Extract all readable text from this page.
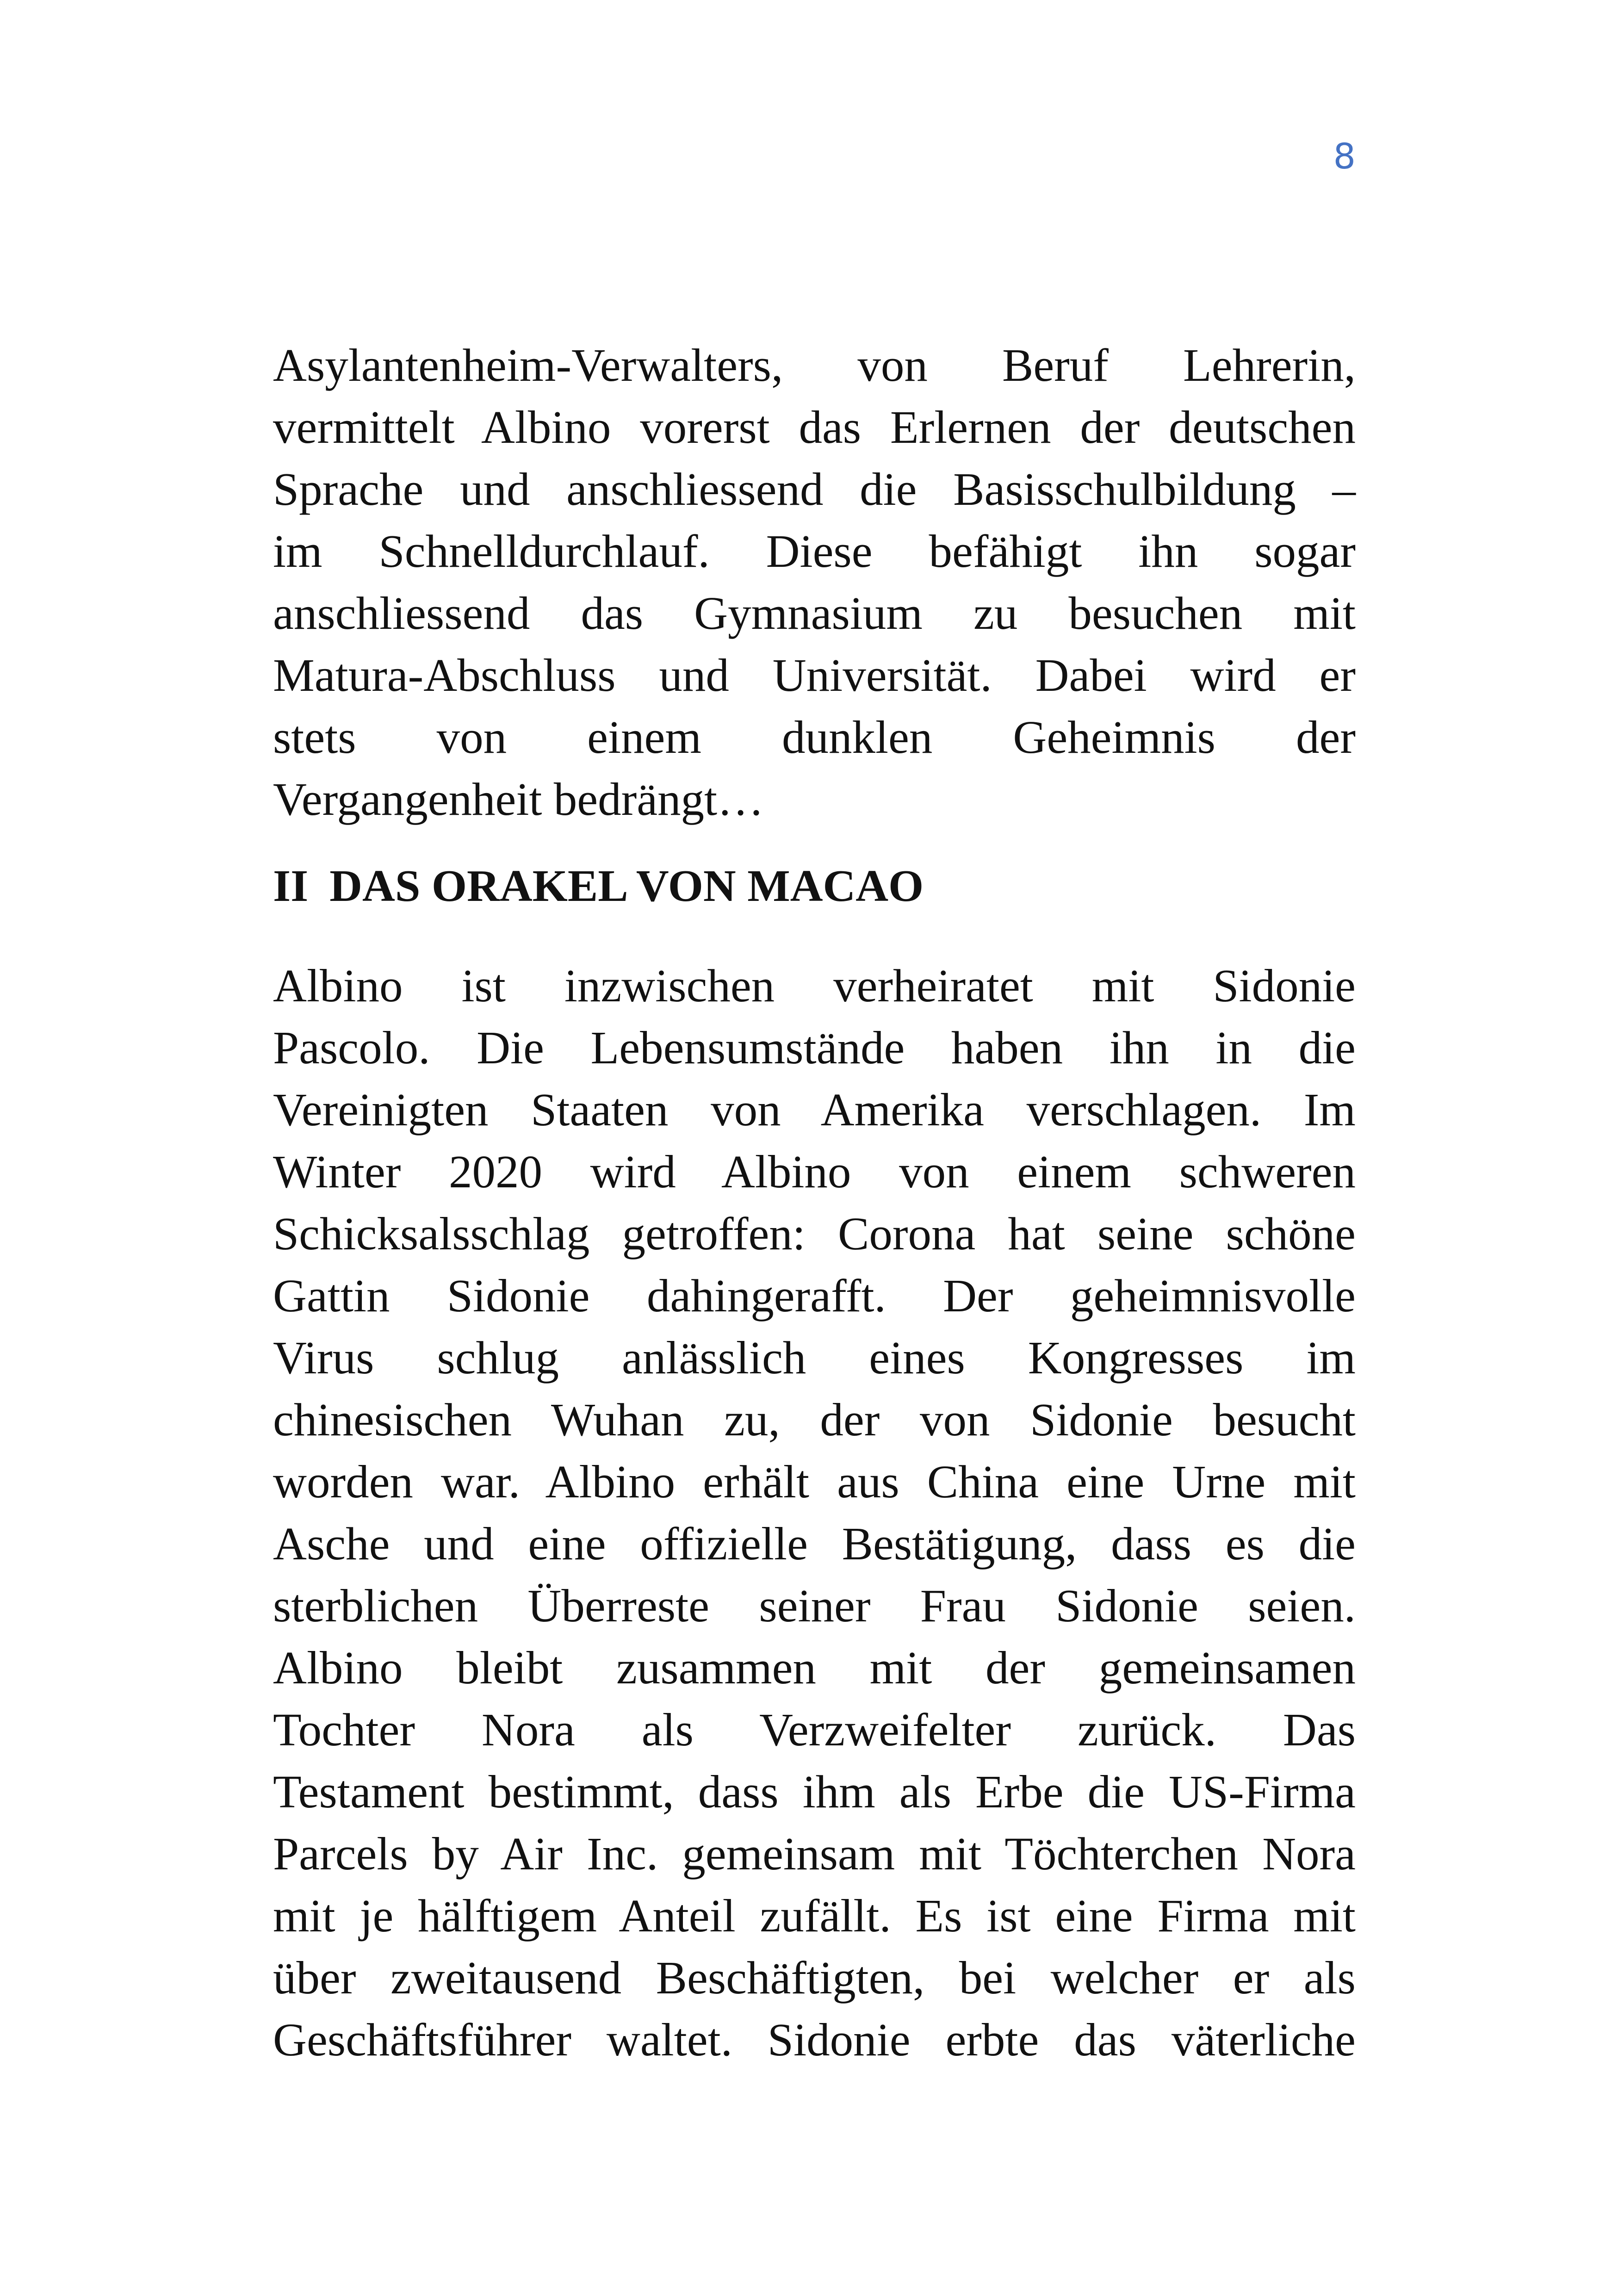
8
Asylantenheim-Verwalters, von Beruf Lehrerin,
vermittelt Albino vorerst das Erlernen der deutschen
Sprache und anschliessend die Basisschulbildung –
im Schnelldurchlauf. Diese befähigt ihn sogar
anschliessend das Gymnasium zu besuchen mit
Matura-Abschluss und Universität. Dabei wird er
stets von einem dunklen Geheimnis der
Vergangenheit bedrängt…
II DAS ORAKEL VON MACAO
Albino ist inzwischen verheiratet mit Sidonie
Pascolo. Die Lebensumstände haben ihn in die
Vereinigten Staaten von Amerika verschlagen. Im
Winter 2020 wird Albino von einem schweren
Schicksalsschlag getroffen: Corona hat seine schöne
Gattin Sidonie dahingerafft. Der geheimnisvolle
Virus schlug anlässlich eines Kongresses im
chinesischen Wuhan zu, der von Sidonie besucht
worden war. Albino erhält aus China eine Urne mit
Asche und eine offizielle Bestätigung, dass es die
sterblichen Überreste seiner Frau Sidonie seien.
Albino bleibt zusammen mit der gemeinsamen
Tochter Nora als Verzweifelter zurück. Das
Testament bestimmt, dass ihm als Erbe die US-Firma
Parcels by Air Inc. gemeinsam mit Töchterchen Nora
mit je hälftigem Anteil zufällt. Es ist eine Firma mit
über zweitausend Beschäftigten, bei welcher er als
Geschäftsführer waltet. Sidonie erbte das väterliche
